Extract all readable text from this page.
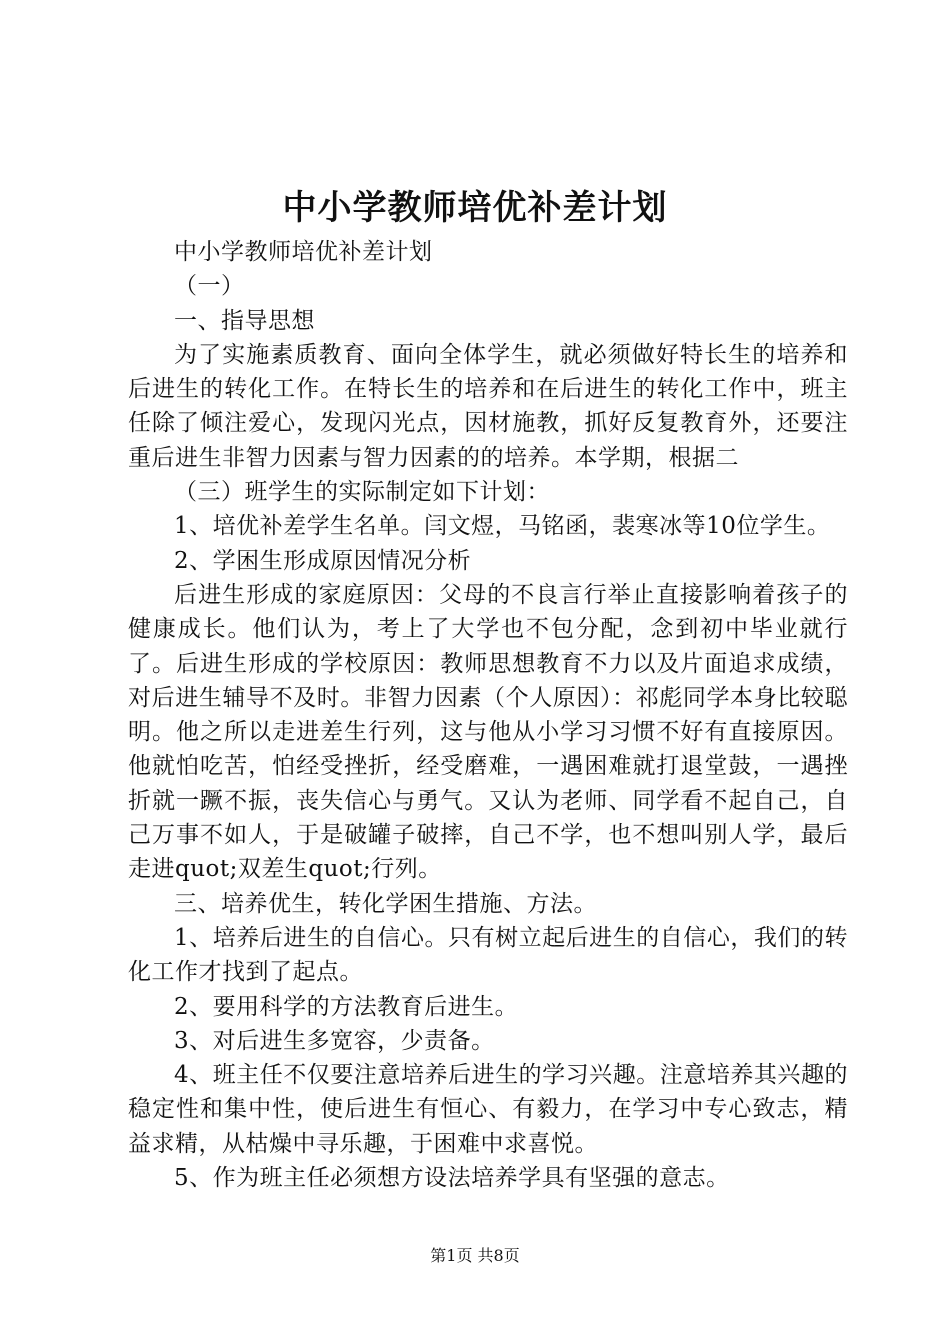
中小学教师培优补差计划

中小学教师培优补差计划

（一）

一、指导思想

为了实施素质教育、面向全体学生，就必须做好特长生的培养和后进生的转化工作。在特长生的培养和在后进生的转化工作中，班主任除了倾注爱心，发现闪光点，因材施教，抓好反复教育外，还要注重后进生非智力因素与智力因素的的培养。本学期，根据二

（三）班学生的实际制定如下计划：

1、培优补差学生名单。闫文煜，马铭函，裴寒冰等10位学生。

2、学困生形成原因情况分析

后进生形成的家庭原因：父母的不良言行举止直接影响着孩子的健康成长。他们认为，考上了大学也不包分配，念到初中毕业就行了。后进生形成的学校原因：教师思想教育不力以及片面追求成绩，对后进生辅导不及时。非智力因素（个人原因）：祁彪同学本身比较聪明。他之所以走进差生行列，这与他从小学习习惯不好有直接原因。他就怕吃苦，怕经受挫折，经受磨难，一遇困难就打退堂鼓，一遇挫折就一蹶不振，丧失信心与勇气。又认为老师、同学看不起自己，自己万事不如人，于是破罐子破摔，自己不学，也不想叫别人学，最后走进quot;双差生quot;行列。

三、培养优生，转化学困生措施、方法。

1、培养后进生的自信心。只有树立起后进生的自信心，我们的转化工作才找到了起点。

2、要用科学的方法教育后进生。

3、对后进生多宽容，少责备。

4、班主任不仅要注意培养后进生的学习兴趣。注意培养其兴趣的稳定性和集中性，使后进生有恒心、有毅力，在学习中专心致志，精益求精，从枯燥中寻乐趣，于困难中求喜悦。

5、作为班主任必须想方设法培养学具有坚强的意志。

第1页 共8页
